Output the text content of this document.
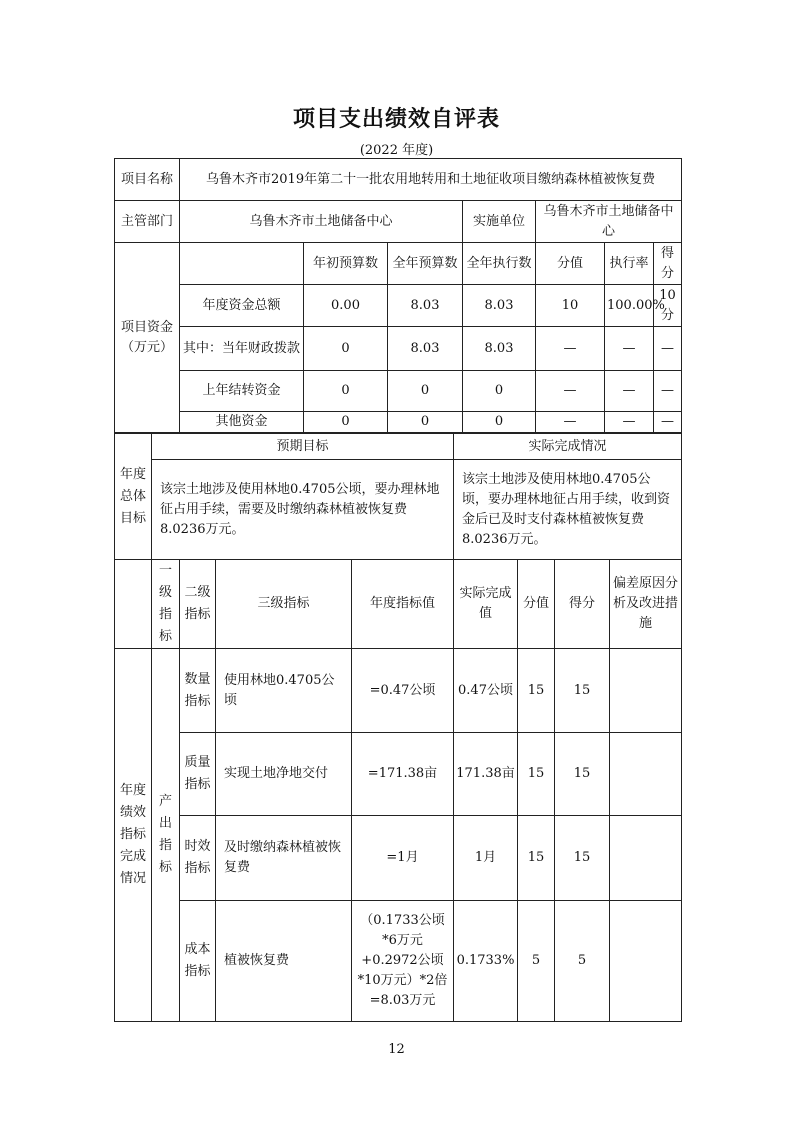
项目支出绩效自评表
(2022 年度)
项目名称	乌鲁木齐市2019年第二十一批农用地转用和土地征收项目缴纳森林植被恢复费						
主管部门	乌鲁木齐市土地储备中心			实施单位	乌鲁木齐市土地储备中心		
项目资金（万元）		年初预算数	全年预算数	全年执行数	分值	执行率	得分
	年度资金总额	0.00	8.03	8.03	10	100.00%	10分
	其中：当年财政拨款	0	8.03	8.03	—	—	—
	上年结转资金	0	0	0	—	—	—
	其他资金	0	0	0	—	—	—
年度总体目标	预期目标	实际完成情况
	该宗土地涉及使用林地0.4705公顷，要办理林地征占用手续，需要及时缴纳森林植被恢复费8.0236万元。	该宗土地涉及使用林地0.4705公顷，要办理林地征占用手续，收到资金后已及时支付森林植被恢复费8.0236万元。
	一级指标	二级指标	三级指标	年度指标值	实际完成值	分值	得分	偏差原因分析及改进措施
年度绩效指标完成情况	产出指标	数量指标	使用林地0.4705公顷	=0.47公顷	0.47公顷	15	15	
		质量指标	实现土地净地交付	=171.38亩	171.38亩	15	15	
		时效指标	及时缴纳森林植被恢复费	=1月	1月	15	15	
		成本指标	植被恢复费	（0.1733公顷*6万元+0.2972公顷*10万元）*2倍=8.03万元	0.1733%	5	5	
12
